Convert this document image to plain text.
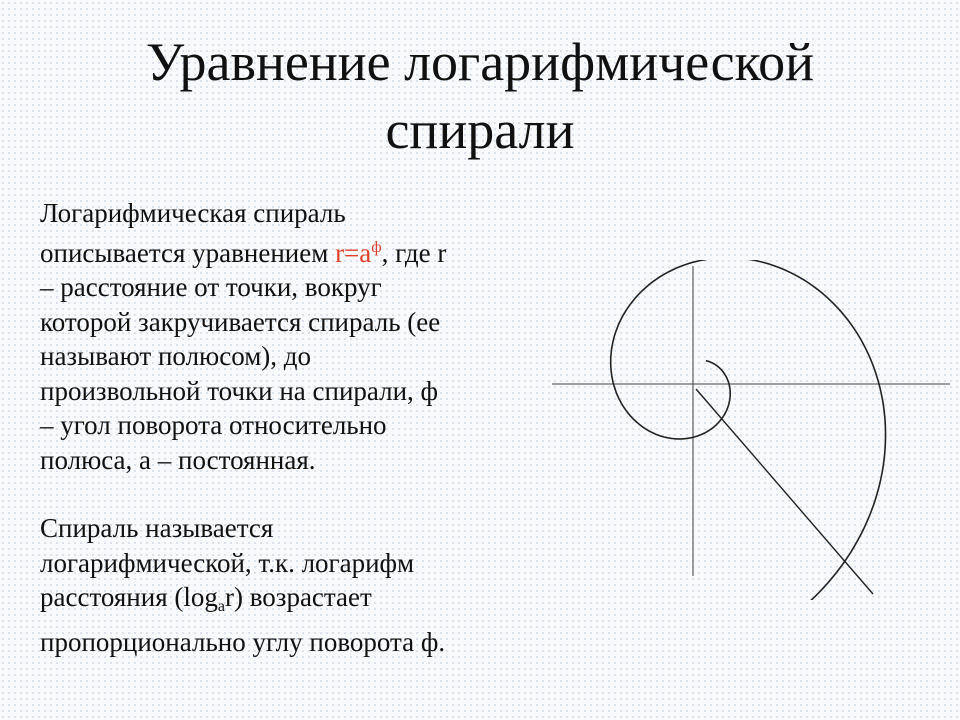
Уравнение логарифмической
спирали

Логарифмическая спираль
описывается уравнением $r=a^ф$, где r
– расстояние от точки, вокруг
которой закручивается спираль (ее
называют полюсом), до
произвольной точки на спирали, ф
– угол поворота относительно
полюса, а – постоянная.

Спираль называется
логарифмической, т.к. логарифм
расстояния $(\log_ar)$ возрастает
пропорционально углу поворота ф.
